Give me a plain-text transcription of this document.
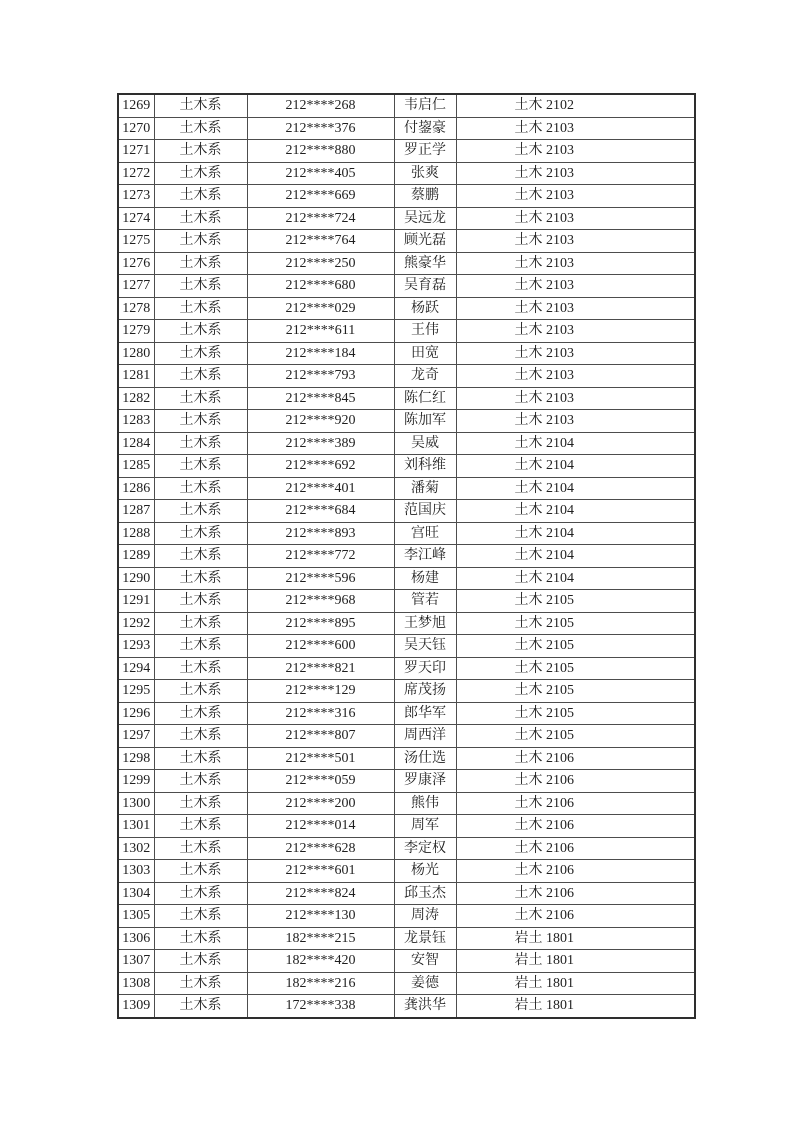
1269	土木系	212****268	韦启仁	土木 2102
1270	土木系	212****376	付鋆豪	土木 2103
1271	土木系	212****880	罗正学	土木 2103
1272	土木系	212****405	张爽	土木 2103
1273	土木系	212****669	蔡鹏	土木 2103
1274	土木系	212****724	吴远龙	土木 2103
1275	土木系	212****764	顾光磊	土木 2103
1276	土木系	212****250	熊豪华	土木 2103
1277	土木系	212****680	吴育磊	土木 2103
1278	土木系	212****029	杨跃	土木 2103
1279	土木系	212****611	王伟	土木 2103
1280	土木系	212****184	田宽	土木 2103
1281	土木系	212****793	龙奇	土木 2103
1282	土木系	212****845	陈仁红	土木 2103
1283	土木系	212****920	陈加军	土木 2103
1284	土木系	212****389	吴威	土木 2104
1285	土木系	212****692	刘科维	土木 2104
1286	土木系	212****401	潘菊	土木 2104
1287	土木系	212****684	范国庆	土木 2104
1288	土木系	212****893	宫旺	土木 2104
1289	土木系	212****772	李江峰	土木 2104
1290	土木系	212****596	杨建	土木 2104
1291	土木系	212****968	管若	土木 2105
1292	土木系	212****895	王梦旭	土木 2105
1293	土木系	212****600	吴天钰	土木 2105
1294	土木系	212****821	罗天印	土木 2105
1295	土木系	212****129	席茂扬	土木 2105
1296	土木系	212****316	郎华军	土木 2105
1297	土木系	212****807	周西洋	土木 2105
1298	土木系	212****501	汤仕选	土木 2106
1299	土木系	212****059	罗康泽	土木 2106
1300	土木系	212****200	熊伟	土木 2106
1301	土木系	212****014	周军	土木 2106
1302	土木系	212****628	李定权	土木 2106
1303	土木系	212****601	杨光	土木 2106
1304	土木系	212****824	邱玉杰	土木 2106
1305	土木系	212****130	周涛	土木 2106
1306	土木系	182****215	龙景钰	岩土 1801
1307	土木系	182****420	安智	岩土 1801
1308	土木系	182****216	姜德	岩土 1801
1309	土木系	172****338	龚洪华	岩土 1801
